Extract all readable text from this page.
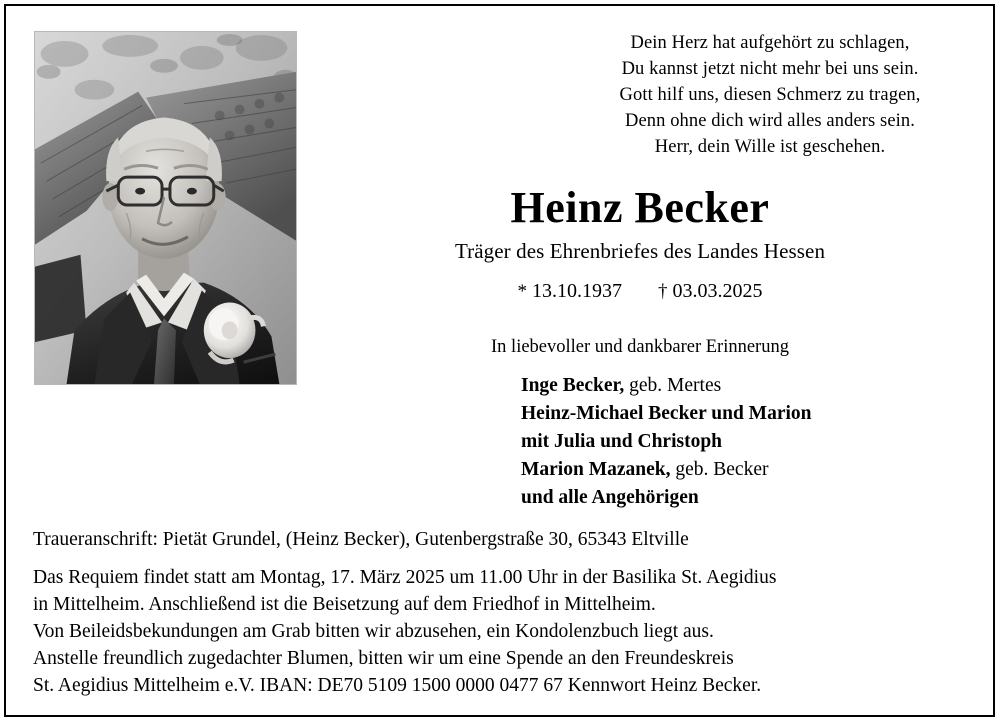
Dein Herz hat aufgehört zu schlagen,
Du kannst jetzt nicht mehr bei uns sein.
Gott hilf uns, diesen Schmerz zu tragen,
Denn ohne dich wird alles anders sein.
Herr, dein Wille ist geschehen.
Heinz Becker
Träger des Ehrenbriefes des Landes Hessen
* 13.10.1937 † 03.03.2025
In liebevoller und dankbarer Erinnerung
Inge Becker, geb. Mertes
Heinz-Michael Becker und Marion
mit Julia und Christoph
Marion Mazanek, geb. Becker
und alle Angehörigen
Traueranschrift: Pietät Grundel, (Heinz Becker), Gutenbergstraße 30, 65343 Eltville
Das Requiem findet statt am Montag, 17. März 2025 um 11.00 Uhr in der Basilika St. Aegidius
in Mittelheim. Anschließend ist die Beisetzung auf dem Friedhof in Mittelheim.
Von Beileidsbekundungen am Grab bitten wir abzusehen, ein Kondolenzbuch liegt aus.
Anstelle freundlich zugedachter Blumen, bitten wir um eine Spende an den Freundeskreis
St. Aegidius Mittelheim e.V. IBAN: DE70 5109 1500 0000 0477 67 Kennwort Heinz Becker.
